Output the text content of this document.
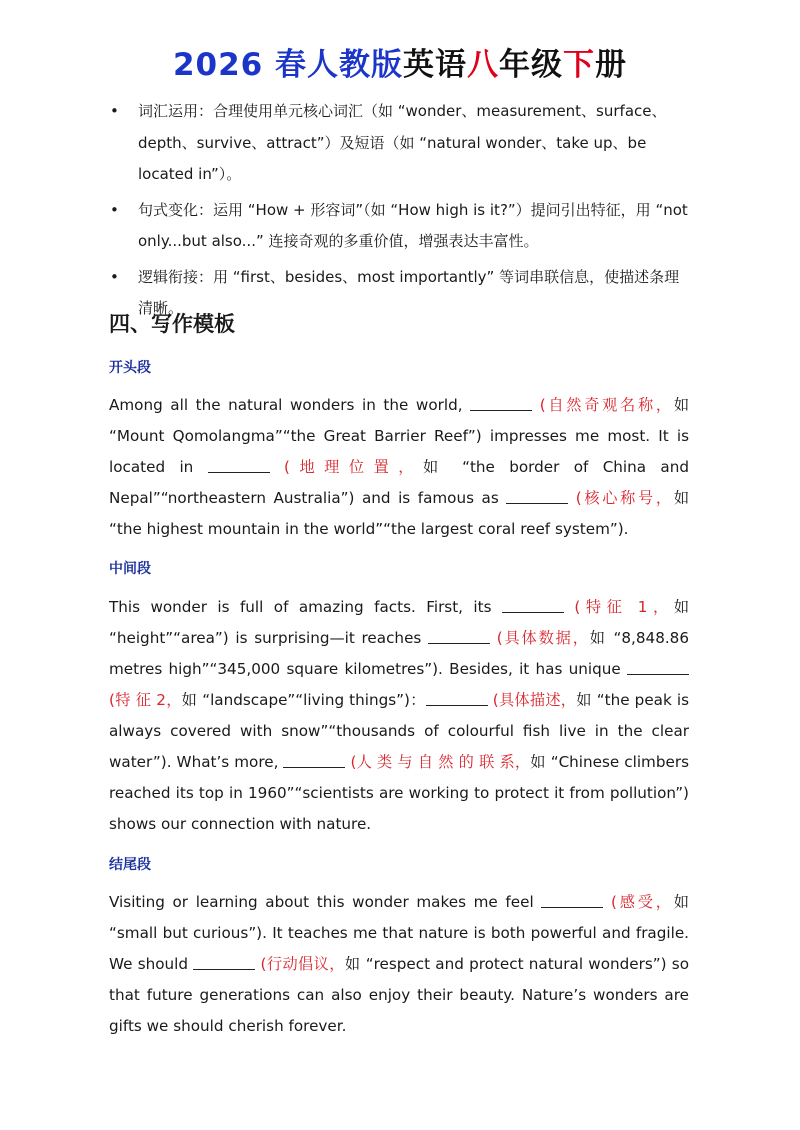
2026 春人教版英语八年级下册
• 词汇运用：合理使用单元核心词汇（如 “wonder、measurement、surface、depth、survive、attract”）及短语（如 “natural wonder、take up、be located in”）。
• 句式变化：运用 “How + 形容词”（如 “How high is it?”）提问引出特征，用 “not only...but also...” 连接奇观的多重价值，增强表达丰富性。
• 逻辑衔接：用 “first、besides、most importantly” 等词串联信息，使描述条理清晰。
四、写作模板
开头段

Among all the natural wonders in the world,	(自然奇观名称，如 “Mount Qomolangma”“the Great Barrier Reef”) impresses me most. It is located in	(地理位置，如 “the border of China and Nepal”“northeastern Australia”) and is famous as	(核心称号，如 “the highest mountain in the world”“the largest coral reef system”).

中间段

This wonder is full of amazing facts. First, its	(特征 1，如 “height”“area”) is surprising—it reaches	(具体数据，如 “8,848.86 metres high”“345,000 square kilometres”). Besides, it has unique  (特 征 2，如 “landscape”“living things”)：	(具体描述，如 “the peak is always covered with snow”“thousands of colourful fish live in the clear water”). What’s more,	(人 类 与 自 然 的 联 系，如 “Chinese climbers reached its top in 1960”“scientists are working to protect it from pollution”) shows our connection with nature.

结尾段

Visiting or learning about this wonder makes me feel	(感受，如 “small but curious”). It teaches me that nature is both powerful and fragile. We should	(行动倡议，如 “respect and protect natural wonders”) so that future generations can also enjoy their beauty. Nature’s wonders are gifts we should cherish forever.
